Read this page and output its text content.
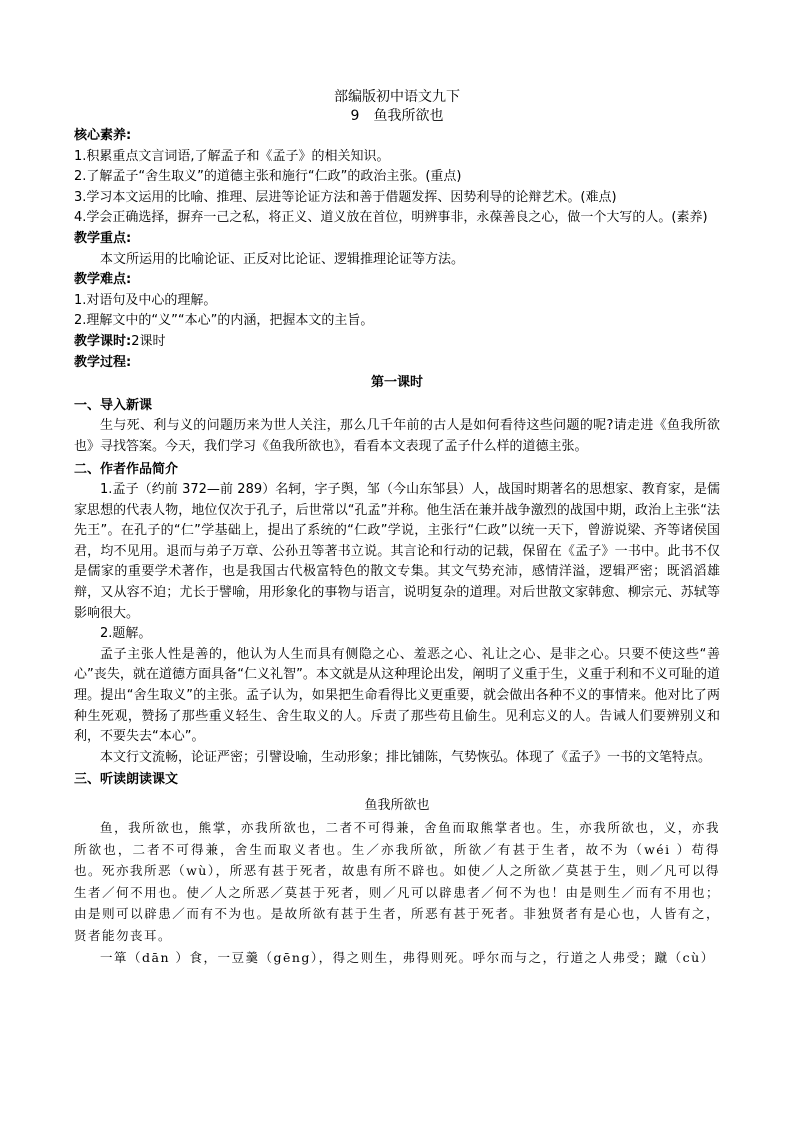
部编版初中语文九下
9　鱼我所欲也
核心素养:

1.积累重点文言词语,了解孟子和《孟子》的相关知识。

2.了解孟子“舍生取义”的道德主张和施行“仁政”的政治主张。(重点)

3.学习本文运用的比喻、推理、层进等论证方法和善于借题发挥、因势利导的论辩艺术。(难点)

4.学会正确选择，摒弃一己之私，将正义、道义放在首位，明辨事非，永葆善良之心，做一个大写的人。(素养)

教学重点:

本文所运用的比喻论证、正反对比论证、逻辑推理论证等方法。

教学难点:

1.对语句及中心的理解。

2.理解文中的“义”“本心”的内涵，把握本文的主旨。

教学课时:2课时
教学过程:
第一课时
一、导入新课

生与死、利与义的问题历来为世人关注，那么几千年前的古人是如何看待这些问题的呢?请走进《鱼我所欲也》寻找答案。今天，我们学习《鱼我所欲也》，看看本文表现了孟子什么样的道德主张。

二、作者作品简介

1.孟子（约前 372—前 289）名轲，字子舆，邹（今山东邹县）人，战国时期著名的思想家、教育家，是儒家思想的代表人物，地位仅次于孔子，后世常以“孔孟”并称。他生活在兼并战争激烈的战国中期，政治上主张“法先王”。在孔子的“仁”学基础上，提出了系统的“仁政”学说，主张行“仁政”以统一天下，曾游说梁、齐等诸侯国君，均不见用。退而与弟子万章、公孙丑等著书立说。其言论和行动的记载，保留在《孟子》一书中。此书不仅是儒家的重要学术著作，也是我国古代极富特色的散文专集。其文气势充沛，感情洋溢，逻辑严密；既滔滔雄辩，又从容不迫；尤长于譬喻，用形象化的事物与语言，说明复杂的道理。对后世散文家韩愈、柳宗元、苏轼等影响很大。

2.题解。

孟子主张人性是善的，他认为人生而具有侧隐之心、羞恶之心、礼让之心、是非之心。只要不使这些“善心”丧失，就在道德方面具备“仁义礼智”。本文就是从这种理论出发，阐明了义重于生，义重于利和不义可耻的道理。提出“舍生取义”的主张。孟子认为，如果把生命看得比义更重要，就会做出各种不义的事情来。他对比了两种生死观，赞扬了那些重义轻生、舍生取义的人。斥责了那些苟且偷生。见利忘义的人。告诫人们要辨别义和利，不要失去“本心”。

本文行文流畅，论证严密；引譬设喻，生动形象；排比铺陈，气势恢弘。体现了《孟子》一书的文笔特点。

三、听读朗读课文
鱼我所欲也

鱼，我所欲也，熊掌，亦我所欲也，二者不可得兼，舍鱼而取熊掌者也。生，亦我所欲也，义，亦我所欲也，二者不可得兼，舍生而取义者也。生／亦我所欲，所欲／有甚于生者，故不为（wéi ）苟得也。死亦我所恶（wù），所恶有甚于死者，故患有所不辟也。如使／人之所欲／莫甚于生，则／凡可以得生者／何不用也。使／人之所恶／莫甚于死者，则／凡可以辟患者／何不为也！由是则生／而有不用也；由是则可以辟患／而有不为也。是故所欲有甚于生者，所恶有甚于死者。非独贤者有是心也，人皆有之，贤者能勿丧耳。

一箪（dān ）食，一豆羹（gēng），得之则生，弗得则死。呼尔而与之，行道之人弗受；蹴（cù）
